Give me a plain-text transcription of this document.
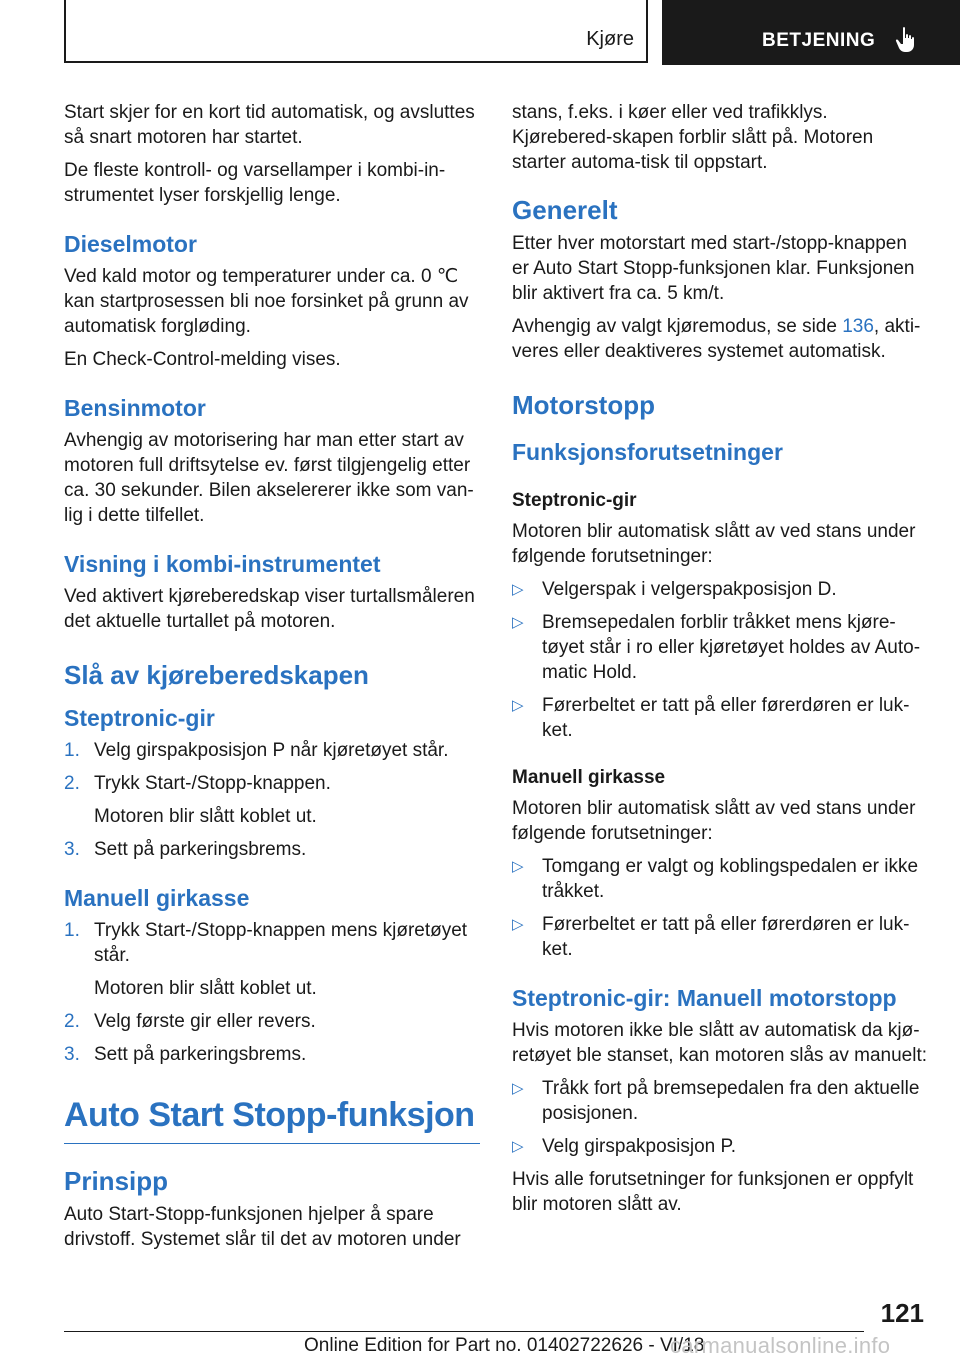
Kjøre	BETJENING

Start skjer for en kort tid automatisk, og avsluttes så snart motoren har startet.

De fleste kontroll- og varsellamper i kombi-in-strumentet lyser forskjellig lenge.

Dieselmotor

Ved kald motor og temperaturer under ca. 0 ℃ kan startprosessen bli noe forsinket på grunn av automatisk forgløding.

En Check-Control-melding vises.

Bensinmotor

Avhengig av motorisering har man etter start av motoren full driftsytelse ev. først tilgjengelig etter ca. 30 sekunder. Bilen akselererer ikke som van-lig i dette tilfellet.

Visning i kombi-instrumentet

Ved aktivert kjøreberedskap viser turtallsmåleren det aktuelle turtallet på motoren.

Slå av kjøreberedskapen
Steptronic-gir
1. Velg girspakposisjon P når kjøretøyet står.
2. Trykk Start-/Stopp-knappen.
Motoren blir slått koblet ut.
3. Sett på parkeringsbrems.
Manuell girkasse
1. Trykk Start-/Stopp-knappen mens kjøretøyet står.
Motoren blir slått koblet ut.
2. Velg første gir eller revers.
3. Sett på parkeringsbrems.
Auto Start Stopp-funksjon
Prinsipp

Auto Start-Stopp-funksjonen hjelper å spare drivstoff. Systemet slår til det av motoren under

stans, f.eks. i køer eller ved trafikklys. Kjørebered-skapen forblir slått på. Motoren starter automa-tisk til oppstart.

Generelt

Etter hver motorstart med start-/stopp-knappen er Auto Start Stopp-funksjonen klar. Funksjonen blir aktivert fra ca. 5 km/t.

Avhengig av valgt kjøremodus, se side 136, akti-veres eller deaktiveres systemet automatisk.

Motorstopp
Funksjonsforutsetninger
Steptronic-gir

Motoren blir automatisk slått av ved stans under følgende forutsetninger:

▷ Velgerspak i velgerspakposisjon D.
▷ Bremsepedalen forblir tråkket mens kjøre-tøyet står i ro eller kjøretøyet holdes av Auto-matic Hold.
▷ Førerbeltet er tatt på eller førerdøren er luk-ket.
Manuell girkasse

Motoren blir automatisk slått av ved stans under følgende forutsetninger:

▷ Tomgang er valgt og koblingspedalen er ikke tråkket.
▷ Førerbeltet er tatt på eller førerdøren er luk-ket.
Steptronic-gir: Manuell motorstopp

Hvis motoren ikke ble slått av automatisk da kjø-retøyet ble stanset, kan motoren slås av manuelt:

▷ Tråkk fort på bremsepedalen fra den aktuelle posisjonen.
▷ Velg girspakposisjon P.

Hvis alle forutsetninger for funksjonen er oppfylt blir motoren slått av.

121
Online Edition for Part no. 01402722626 - VI/18
carmanualsonline.info
